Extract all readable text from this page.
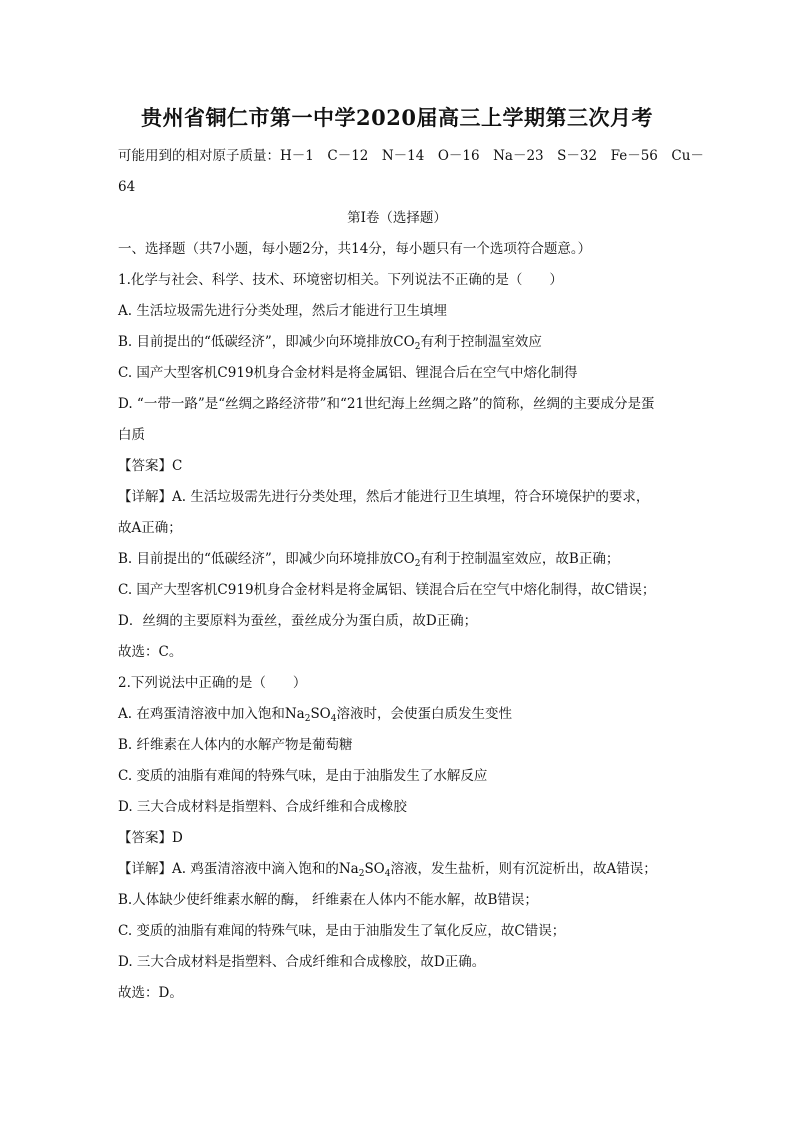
贵州省铜仁市第一中学2020届高三上学期第三次月考
可能用到的相对原子质量：H－1　C－12　N－14　O－16　Na－23　S－32　Fe－56　Cu－
64
第Ⅰ卷（选择题）
一、选择题（共7小题，每小题2分，共14分，每小题只有一个选项符合题意。）
1.化学与社会、科学、技术、环境密切相关。下列说法不正确的是（　　）
A. 生活垃圾需先进行分类处理，然后才能进行卫生填埋
B. 目前提出的“低碳经济”，即减少向环境排放$CO_2$有利于控制温室效应
C. 国产大型客机C919机身合金材料是将金属铝、锂混合后在空气中熔化制得
D. “一带一路”是“丝绸之路经济带”和“21世纪海上丝绸之路”的简称，丝绸的主要成分是蛋
白质
【答案】C
【详解】A. 生活垃圾需先进行分类处理，然后才能进行卫生填埋，符合环境保护的要求，
故A正确；
B. 目前提出的“低碳经济”，即减少向环境排放$CO_2$有利于控制温室效应，故B正确；
C. 国产大型客机C919机身合金材料是将金属铝、镁混合后在空气中熔化制得，故C错误；
D．丝绸的主要原料为蚕丝，蚕丝成分为蛋白质，故D正确；
故选：C。
2.下列说法中正确的是（　　）
A. 在鸡蛋清溶液中加入饱和$Na_2SO_4$溶液时，会使蛋白质发生变性
B. 纤维素在人体内的水解产物是葡萄糖
C. 变质的油脂有难闻的特殊气味，是由于油脂发生了水解反应
D. 三大合成材料是指塑料、合成纤维和合成橡胶
【答案】D
【详解】A. 鸡蛋清溶液中滴入饱和的$Na_2SO_4$溶液，发生盐析，则有沉淀析出，故A错误；
B.人体缺少使纤维素水解的酶， 纤维素在人体内不能水解，故B错误；
C. 变质的油脂有难闻的特殊气味，是由于油脂发生了氧化反应，故C错误；
D. 三大合成材料是指塑料、合成纤维和合成橡胶，故D正确。
故选：D。
